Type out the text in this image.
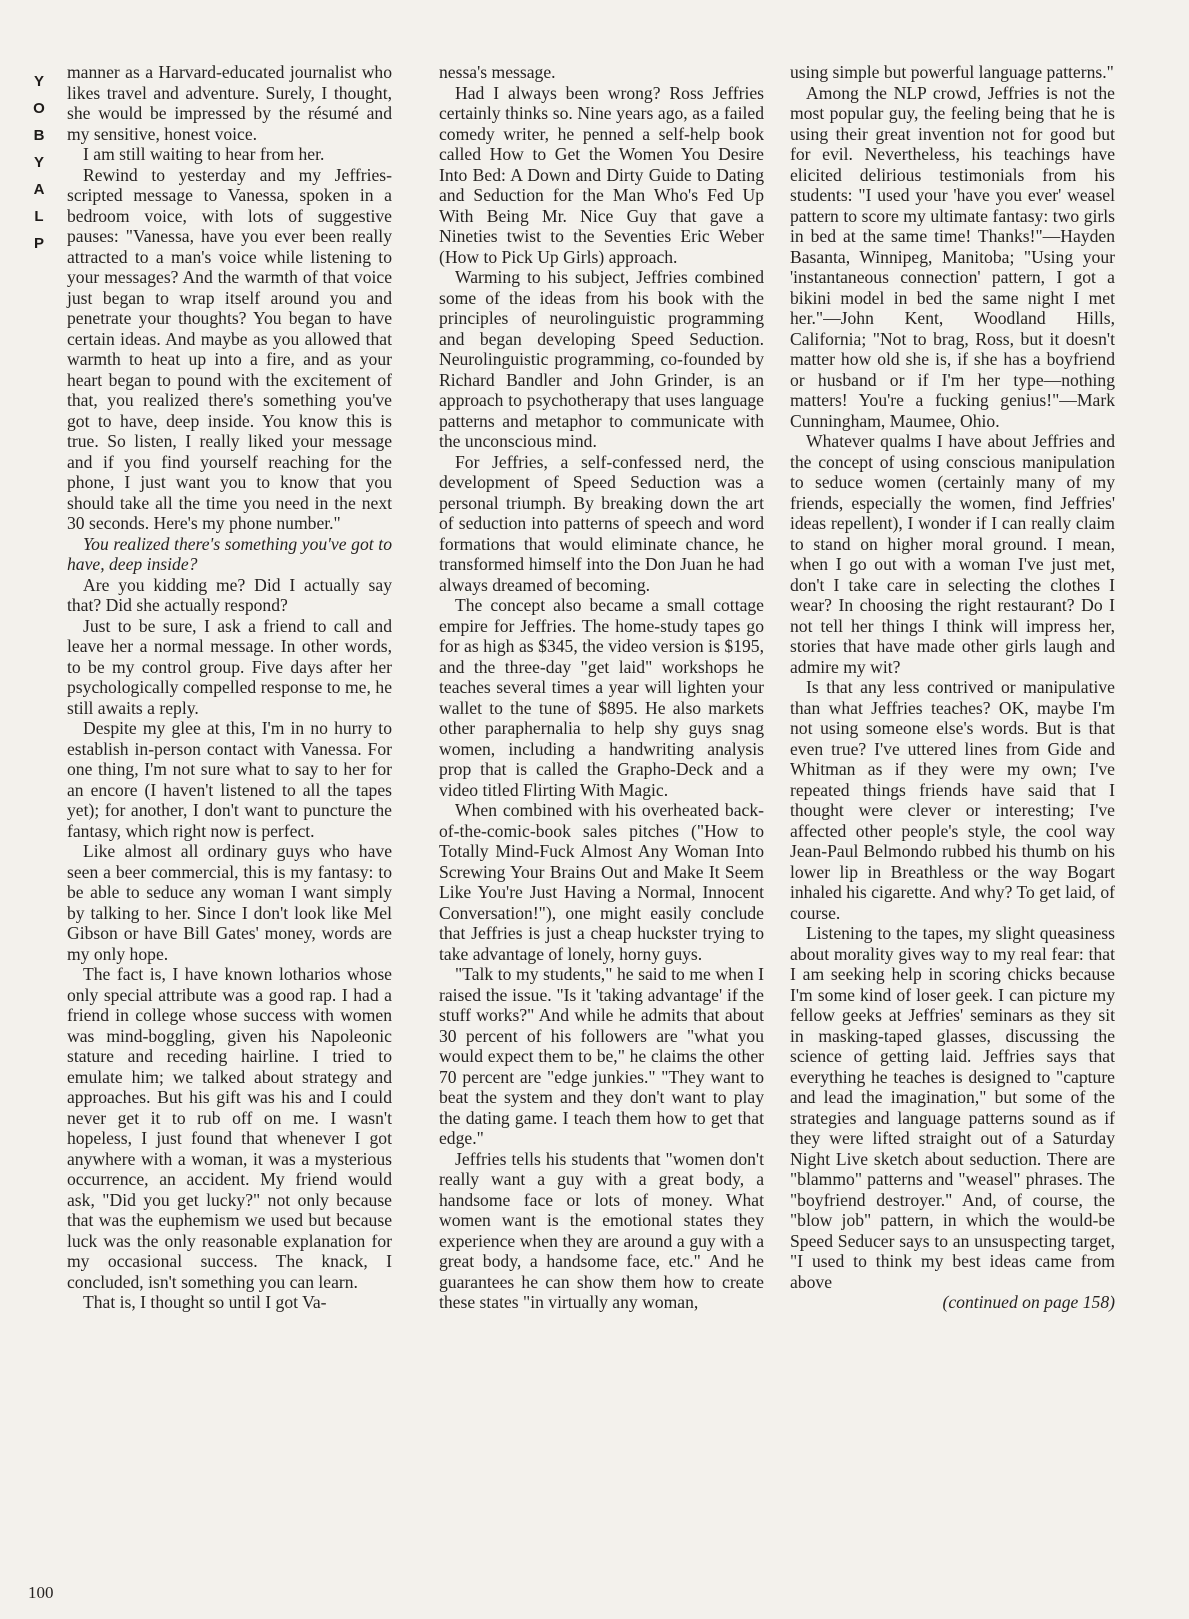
Y
O
B
Y
A
L
P

manner as a Harvard-educated journalist who likes travel and adventure. Surely, I thought, she would be impressed by the résumé and my sensitive, honest voice.

I am still waiting to hear from her.

Rewind to yesterday and my Jeffries-scripted message to Vanessa, spoken in a bedroom voice, with lots of suggestive pauses: "Vanessa, have you ever been really attracted to a man's voice while listening to your messages? And the warmth of that voice just began to wrap itself around you and penetrate your thoughts? You began to have certain ideas. And maybe as you allowed that warmth to heat up into a fire, and as your heart began to pound with the excitement of that, you realized there's something you've got to have, deep inside. You know this is true. So listen, I really liked your message and if you find yourself reaching for the phone, I just want you to know that you should take all the time you need in the next 30 seconds. Here's my phone number."

You realized there's something you've got to have, deep inside?

Are you kidding me? Did I actually say that? Did she actually respond?

Just to be sure, I ask a friend to call and leave her a normal message. In other words, to be my control group. Five days after her psychologically compelled response to me, he still awaits a reply.

Despite my glee at this, I'm in no hurry to establish in-person contact with Vanessa. For one thing, I'm not sure what to say to her for an encore (I haven't listened to all the tapes yet); for another, I don't want to puncture the fantasy, which right now is perfect.

Like almost all ordinary guys who have seen a beer commercial, this is my fantasy: to be able to seduce any woman I want simply by talking to her. Since I don't look like Mel Gibson or have Bill Gates' money, words are my only hope.

The fact is, I have known lotharios whose only special attribute was a good rap. I had a friend in college whose success with women was mind-boggling, given his Napoleonic stature and receding hairline. I tried to emulate him; we talked about strategy and approaches. But his gift was his and I could never get it to rub off on me. I wasn't hopeless, I just found that whenever I got anywhere with a woman, it was a mysterious occurrence, an accident. My friend would ask, "Did you get lucky?" not only because that was the euphemism we used but because luck was the only reasonable explanation for my occasional success. The knack, I concluded, isn't something you can learn.

That is, I thought so until I got Va-

nessa's message.

Had I always been wrong? Ross Jeffries certainly thinks so. Nine years ago, as a failed comedy writer, he penned a self-help book called How to Get the Women You Desire Into Bed: A Down and Dirty Guide to Dating and Seduction for the Man Who's Fed Up With Being Mr. Nice Guy that gave a Nineties twist to the Seventies Eric Weber (How to Pick Up Girls) approach.

Warming to his subject, Jeffries combined some of the ideas from his book with the principles of neurolinguistic programming and began developing Speed Seduction. Neurolinguistic programming, co-founded by Richard Bandler and John Grinder, is an approach to psychotherapy that uses language patterns and metaphor to communicate with the unconscious mind.

For Jeffries, a self-confessed nerd, the development of Speed Seduction was a personal triumph. By breaking down the art of seduction into patterns of speech and word formations that would eliminate chance, he transformed himself into the Don Juan he had always dreamed of becoming.

The concept also became a small cottage empire for Jeffries. The home-study tapes go for as high as $345, the video version is $195, and the three-day "get laid" workshops he teaches several times a year will lighten your wallet to the tune of $895. He also markets other paraphernalia to help shy guys snag women, including a handwriting analysis prop that is called the Grapho-Deck and a video titled Flirting With Magic.

When combined with his overheated back-of-the-comic-book sales pitches ("How to Totally Mind-Fuck Almost Any Woman Into Screwing Your Brains Out and Make It Seem Like You're Just Having a Normal, Innocent Conversation!"), one might easily conclude that Jeffries is just a cheap huckster trying to take advantage of lonely, horny guys.

"Talk to my students," he said to me when I raised the issue. "Is it 'taking advantage' if the stuff works?" And while he admits that about 30 percent of his followers are "what you would expect them to be," he claims the other 70 percent are "edge junkies." "They want to beat the system and they don't want to play the dating game. I teach them how to get that edge."

Jeffries tells his students that "women don't really want a guy with a great body, a handsome face or lots of money. What women want is the emotional states they experience when they are around a guy with a great body, a handsome face, etc." And he guarantees he can show them how to create these states "in virtually any woman,

using simple but powerful language patterns."

Among the NLP crowd, Jeffries is not the most popular guy, the feeling being that he is using their great invention not for good but for evil. Nevertheless, his teachings have elicited delirious testimonials from his students: "I used your 'have you ever' weasel pattern to score my ultimate fantasy: two girls in bed at the same time! Thanks!"—Hayden Basanta, Winnipeg, Manitoba; "Using your 'instantaneous connection' pattern, I got a bikini model in bed the same night I met her."—John Kent, Woodland Hills, California; "Not to brag, Ross, but it doesn't matter how old she is, if she has a boyfriend or husband or if I'm her type—nothing matters! You're a fucking genius!"—Mark Cunningham, Maumee, Ohio.

Whatever qualms I have about Jeffries and the concept of using conscious manipulation to seduce women (certainly many of my friends, especially the women, find Jeffries' ideas repellent), I wonder if I can really claim to stand on higher moral ground. I mean, when I go out with a woman I've just met, don't I take care in selecting the clothes I wear? In choosing the right restaurant? Do I not tell her things I think will impress her, stories that have made other girls laugh and admire my wit?

Is that any less contrived or manipulative than what Jeffries teaches? OK, maybe I'm not using someone else's words. But is that even true? I've uttered lines from Gide and Whitman as if they were my own; I've repeated things friends have said that I thought were clever or interesting; I've affected other people's style, the cool way Jean-Paul Belmondo rubbed his thumb on his lower lip in Breathless or the way Bogart inhaled his cigarette. And why? To get laid, of course.

Listening to the tapes, my slight queasiness about morality gives way to my real fear: that I am seeking help in scoring chicks because I'm some kind of loser geek. I can picture my fellow geeks at Jeffries' seminars as they sit in masking-taped glasses, discussing the science of getting laid. Jeffries says that everything he teaches is designed to "capture and lead the imagination," but some of the strategies and language patterns sound as if they were lifted straight out of a Saturday Night Live sketch about seduction. There are "blammo" patterns and "weasel" phrases. The "boyfriend destroyer." And, of course, the "blow job" pattern, in which the would-be Speed Seducer says to an unsuspecting target, "I used to think my best ideas came from above

(continued on page 158)

100
